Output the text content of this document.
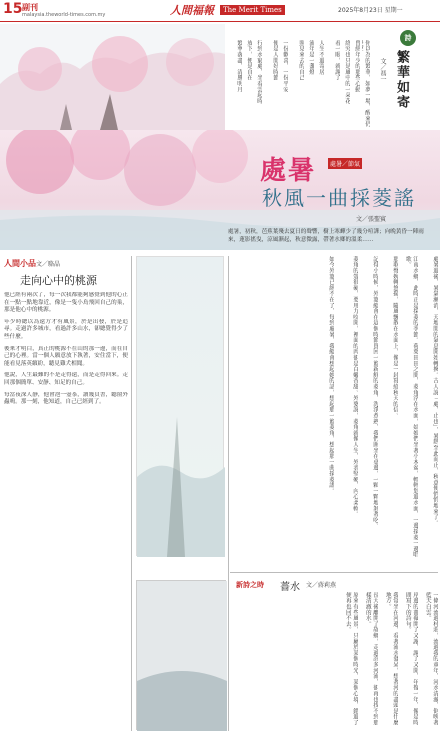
15 副刊
malaysia.theworld-times.com.my	人間福報	The Merit Times	2025年8月23日 星期一
詩
繁華如寄
文／馮一
你以為的繁華，如夢一場，醒來仍
曾經年少的那些心動
終究也只是風中的一朵花
看一眼，就謝了
人生不過寄居
流年是一盞燈
照見來去的自己
一份歡喜，一份平安
便是人間好時節
行到水窮處，坐看雲起時
放下，便是自在
繁華落盡，清風明月
處暑／節氣
處暑
秋風一曲採菱謠
文／張聖賓
處暑，初秋，芭蕉葉殘去夏日的聲響，樹上寒蟬少了幾分喧譁；向晚黃昏一陣雨來，蓮影搖曳，涼風漸起，秋意微露，帶著水鄉的溫柔……
人間小品 文／駱晶
走向心中的桃源

他已經有兩次了，每一次我都能夠感覺到他的心正在一點一點地靠近，像是一隻小鳥飛回自己的巢，那是他心中的桃源。

年少時總以為遠方才有風景，於是出發，於是追尋。走過許多城市，看過許多山水，卻總覺得少了些什麼。

後來才明白，真正的桃源不在山的那一邊，而在自己的心裡。當一個人願意放下執著，安住當下，便能看見落英繽紛，聽見雞犬相聞。

他說，人生最難的不是走得遠，而是走得回來。走回那個簡單、安靜、知足的自己。

每當夜深人靜，他會泡一壺茶，讀幾頁書，聽窗外蟲鳴。那一刻，他知道，自己已經到了。	處暑過後，暑氣漸消，天地間的氣息開始轉換。古人說「處，止也」，暑熱至此而止，秋意便悄悄地來了。
江南水鄉，此時正是採菱的季節。荷葉田田之間，菱角浮在水面，姑娘們坐著小木盆，輕輕划過水面，一邊採菱一邊唱歌。
那歌聲婉轉悠揚，隨風飄散在水面上，像是一封寫給秋天的信。
記得小時候，外婆總會在這個時節買回一籃新鮮的菱角，洗淨煮熟，我們圍坐在桌邊，一顆一顆地剝著吃。
菱角的殼很硬，要用力咬開，裡面的肉卻是白嫩香甜。外婆說，菱角就像人生，外表堅硬，內心柔軟。
如今外婆已經不在了，每到處暑，我總會想起她的話，想起那一籃菱角，想起那一曲採菱謠。
新詩之時 薔水 文／蔣莉燕
一條河流過村莊，流過我的童年，河水清澈，倒映著藍天白雲。
岸邊的薔薇開了又謝，謝了又開，年復一年，像是時間寫下的詩句。
我常坐在河邊，看著流水發呆，想著河的盡頭是什麼地方。
長大後離開了故鄉，走過許多河流，卻再也找不到那樣清澈的水。
原來有些風景，只屬於某個時光，某個心境，錯過了便再也回不去。
